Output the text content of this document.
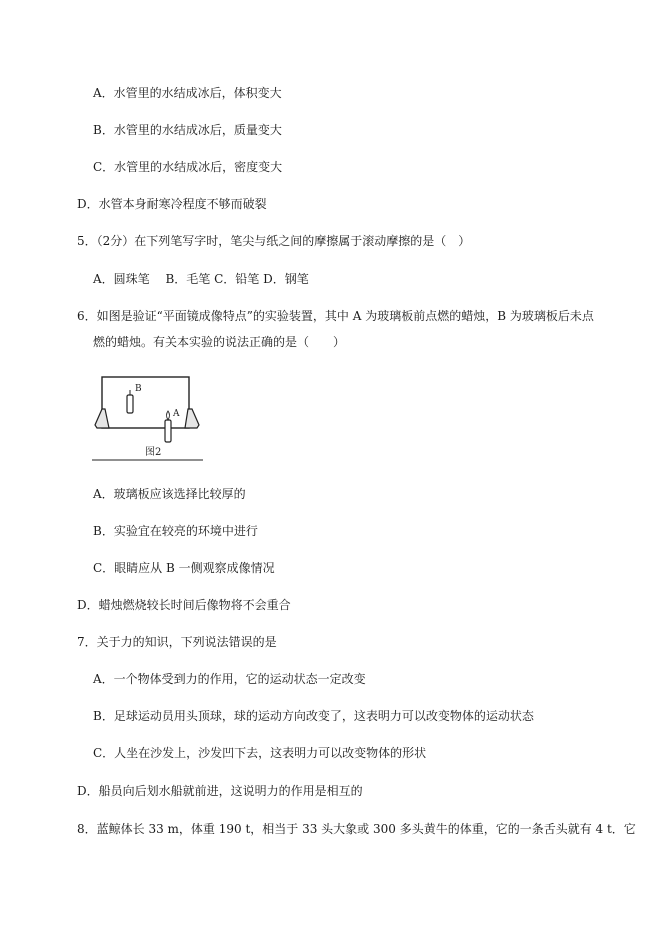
A．水管里的水结成冰后，体积变大
B．水管里的水结成冰后，质量变大
C．水管里的水结成冰后，密度变大
D．水管本身耐寒冷程度不够而破裂
5．（2分）在下列笔写字时，笔尖与纸之间的摩擦属于滚动摩擦的是（　）
A．圆珠笔　 B．毛笔 C．铅笔 D．钢笔
6．如图是验证“平面镜成像特点”的实验装置，其中 A 为玻璃板前点燃的蜡烛，B 为玻璃板后未点
燃的蜡烛。有关本实验的说法正确的是（　　）
B
A
图2
A．玻璃板应该选择比较厚的
B．实验宜在较亮的环境中进行
C．眼睛应从 B 一侧观察成像情况
D．蜡烛燃烧较长时间后像物将不会重合
7．关于力的知识，下列说法错误的是
A．一个物体受到力的作用，它的运动状态一定改变
B．足球运动员用头顶球，球的运动方向改变了，这表明力可以改变物体的运动状态
C．人坐在沙发上，沙发凹下去，这表明力可以改变物体的形状
D．船员向后划水船就前进，这说明力的作用是相互的
8．蓝鲸体长 33 m，体重 190 t，相当于 33 头大象或 300 多头黄牛的体重，它的一条舌头就有 4 t．它
